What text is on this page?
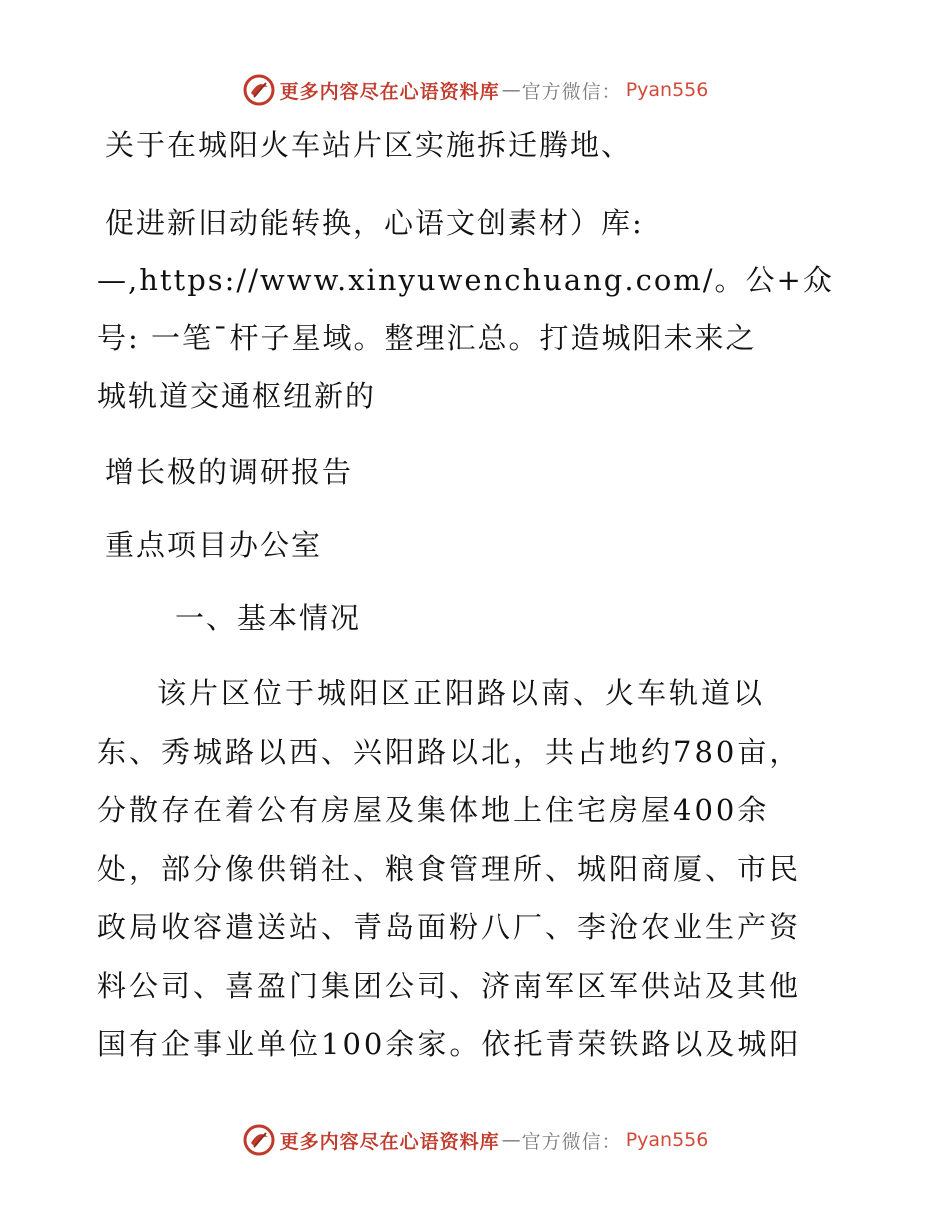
更多内容尽在心语资料库 — 官方微信： Pyan556
关于在城阳火车站片区实施拆迁腾地、
促进新旧动能转换，心语文创素材）库:
—,https://www.xinyuwenchuang.com/。公+众
号: 一笔¯杆子星域。整理汇总。打造城阳未来之
城轨道交通枢纽新的
增长极的调研报告
重点项目办公室
一、基本情况
该片区位于城阳区正阳路以南、火车轨道以
东、秀城路以西、兴阳路以北，共占地约780亩，
分散存在着公有房屋及集体地上住宅房屋400余
处，部分像供销社、粮食管理所、城阳商厦、市民
政局收容遣送站、青岛面粉八厂、李沧农业生产资
料公司、喜盈门集团公司、济南军区军供站及其他
国有企事业单位100余家。依托青荣铁路以及城阳
更多内容尽在心语资料库 — 官方微信： Pyan556
